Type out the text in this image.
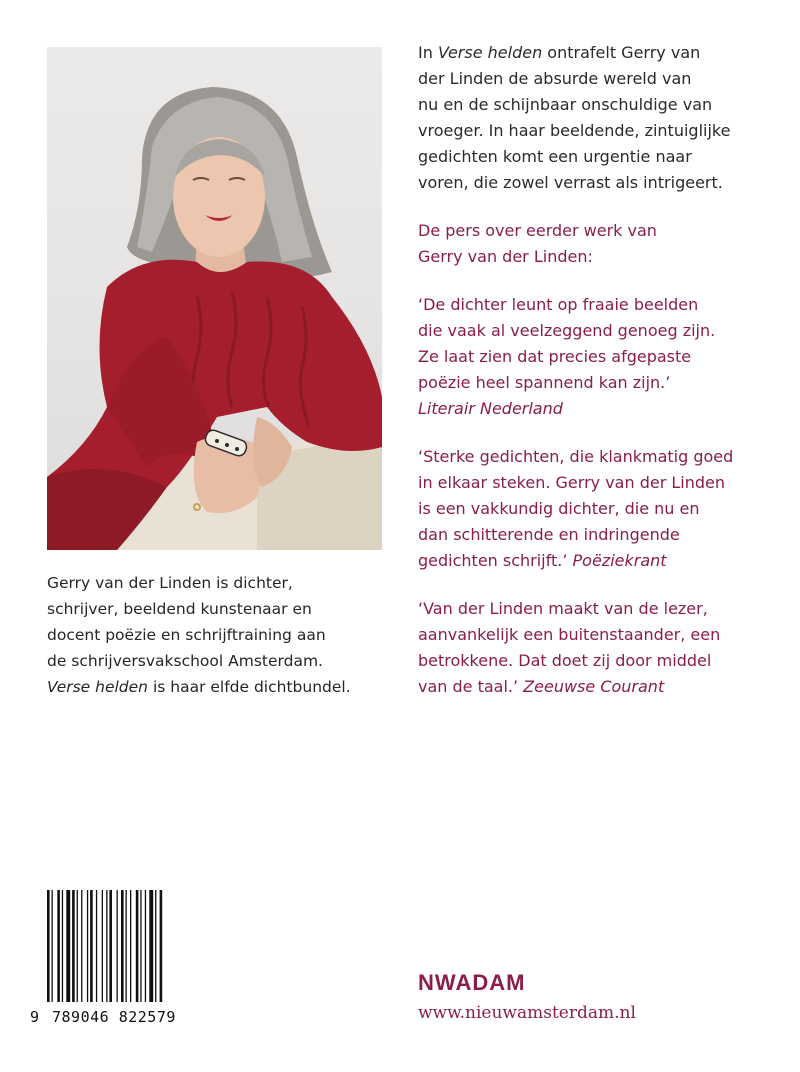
Gerry van der Linden is dichter,

schrijver, beeldend kunstenaar en

docent poëzie en schrijftraining aan

de schrijversvakschool Amsterdam.

Verse helden is haar elfde dichtbundel.

In Verse helden ontrafelt Gerry van

der Linden de absurde wereld van

nu en de schijnbaar onschuldige van

vroeger. In haar beeldende, zintuiglijke

gedichten komt een urgentie naar

voren, die zowel verrast als intrigeert.

De pers over eerder werk van

Gerry van der Linden:

‘De dichter leunt op fraaie beelden

die vaak al veelzeggend genoeg zijn.

Ze laat zien dat precies afgepaste

poëzie heel spannend kan zijn.’

Literair Nederland

‘Sterke gedichten, die klankmatig goed

in elkaar steken. Gerry van der Linden

is een vakkundig dichter, die nu en

dan schitterende en indringende

gedichten schrijft.’ Poëziekrant

‘Van der Linden maakt van de lezer,

aanvankelijk een buitenstaander, een

betrokkene. Dat doet zij door middel

van de taal.’ Zeeuwse Courant

9 789046 822579
NWADAM
www.nieuwamsterdam.nl
